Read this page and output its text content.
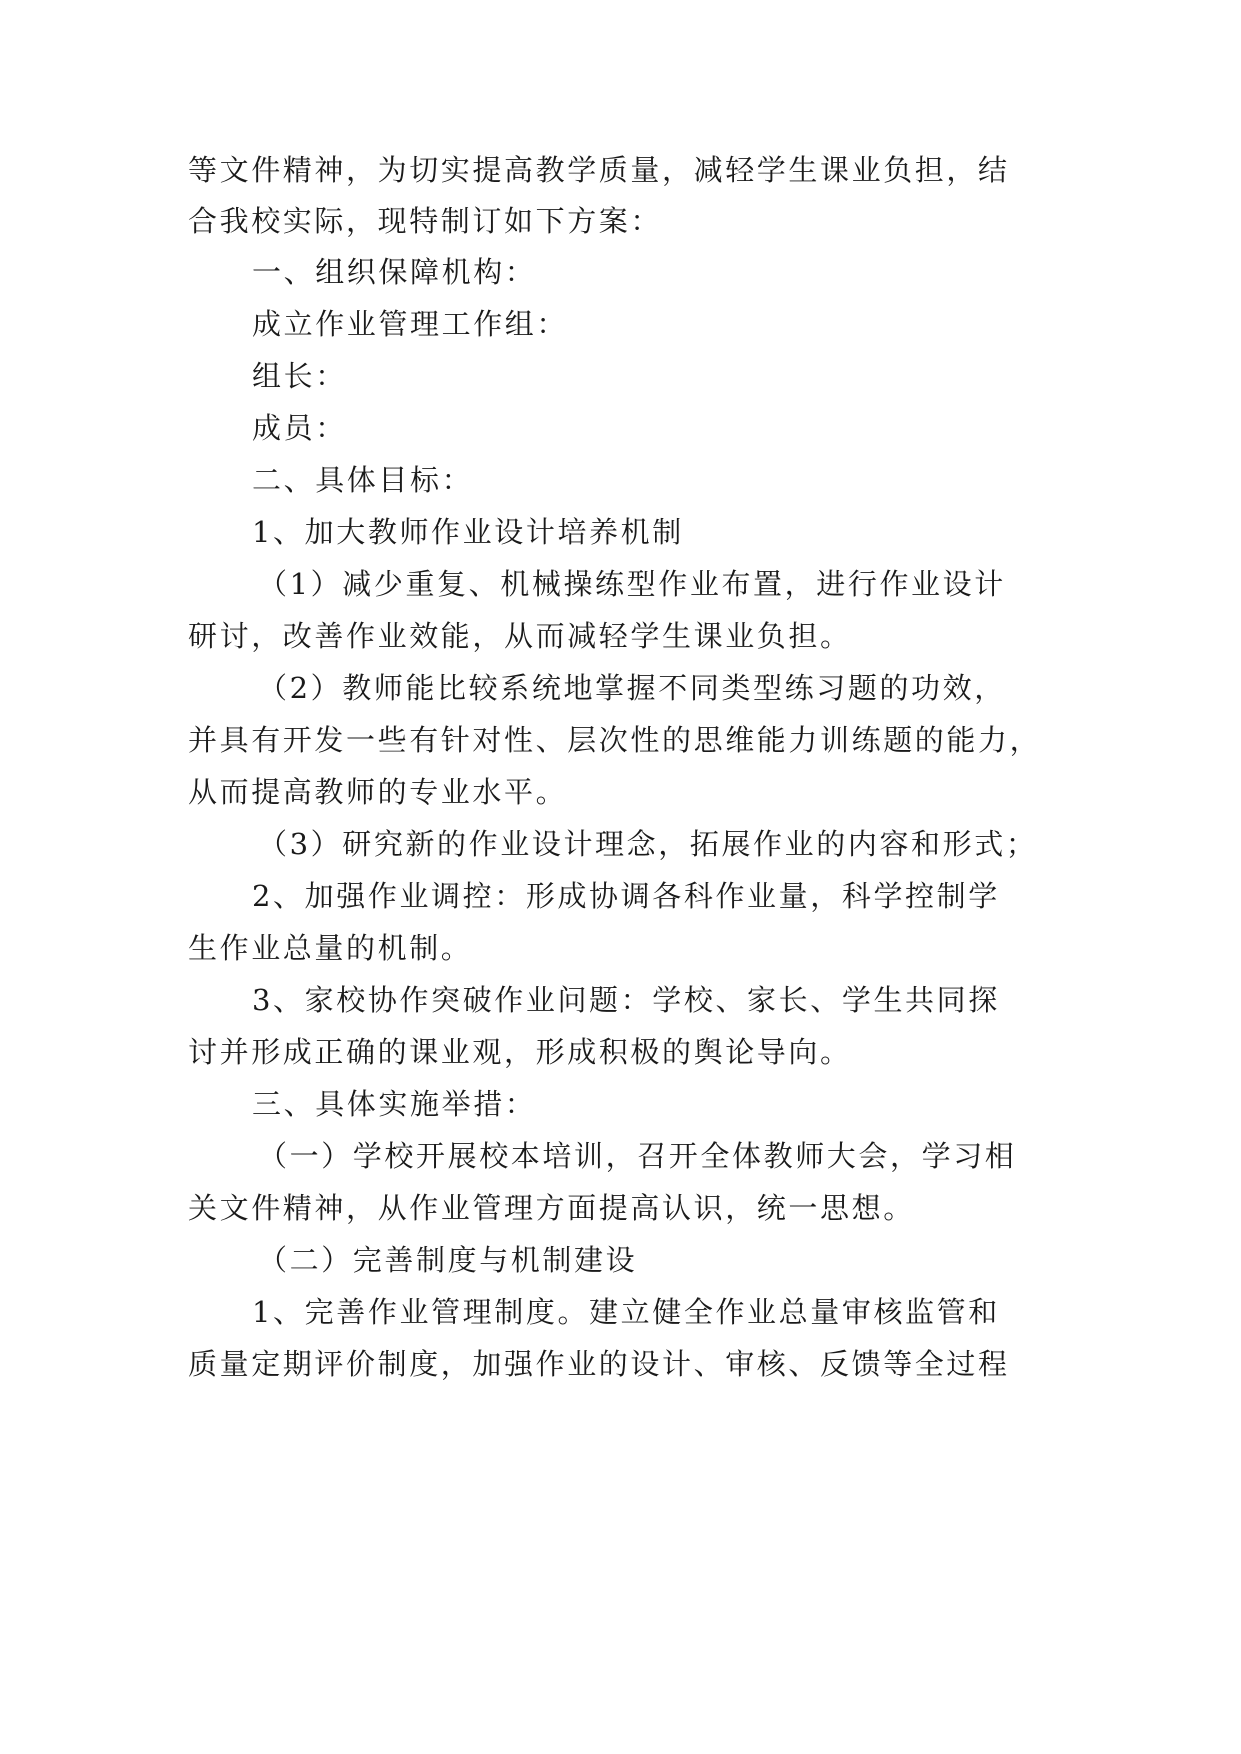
等文件精神，为切实提高教学质量，减轻学生课业负担，结
合我校实际，现特制订如下方案：
一、组织保障机构：
成立作业管理工作组：
组长：
成员：
二、具体目标：
1、加大教师作业设计培养机制
（1）减少重复、机械操练型作业布置，进行作业设计
研讨，改善作业效能，从而减轻学生课业负担。
（2）教师能比较系统地掌握不同类型练习题的功效，
并具有开发一些有针对性、层次性的思维能力训练题的能力，
从而提高教师的专业水平。
（3）研究新的作业设计理念，拓展作业的内容和形式；
2、加强作业调控：形成协调各科作业量，科学控制学
生作业总量的机制。
3、家校协作突破作业问题：学校、家长、学生共同探
讨并形成正确的课业观，形成积极的舆论导向。
三、具体实施举措：
（一）学校开展校本培训，召开全体教师大会，学习相
关文件精神，从作业管理方面提高认识，统一思想。
（二）完善制度与机制建设
1、完善作业管理制度。建立健全作业总量审核监管和
质量定期评价制度，加强作业的设计、审核、反馈等全过程
